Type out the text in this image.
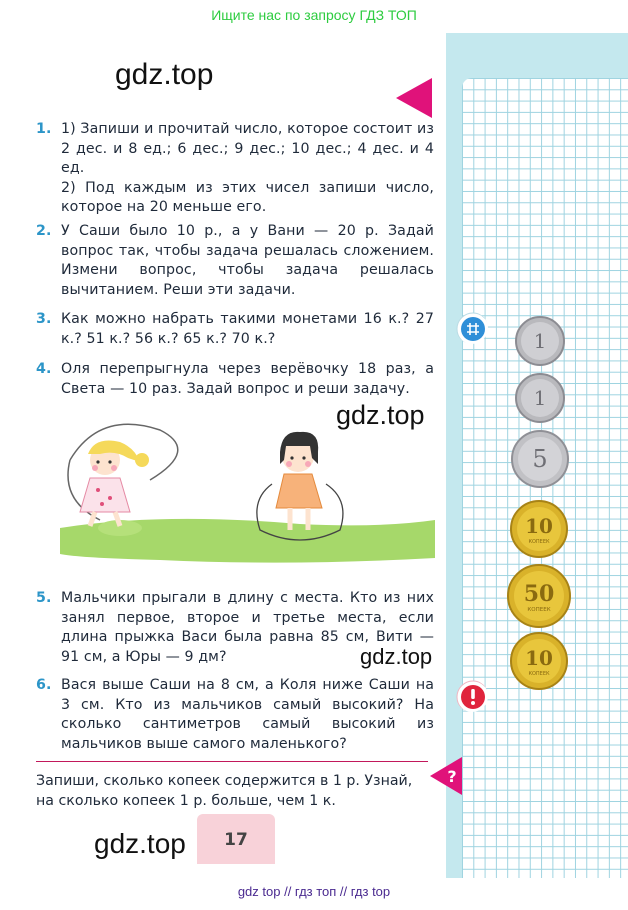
Ищите нас по запросу ГДЗ ТОП
gdz.top
1. 1) Запиши и прочитай число, которое состоит из 2 дес. и 8 ед.; 6 дес.; 9 дес.; 10 дес.; 4 дес. и 4 ед.
2) Под каждым из этих чисел запиши число, которое на 20 меньше его.
2. У Саши было 10 р., а у Вани — 20 р. Задай вопрос так, чтобы задача решалась сложением. Измени вопрос, чтобы задача решалась вычитанием. Реши эти задачи.
3. Как можно набрать такими монетами 16 к.? 27 к.? 51 к.? 56 к.? 65 к.? 70 к.?
4. Оля перепрыгнула через верёвочку 18 раз, а Света — 10 раз. Задай вопрос и реши задачу.
gdz.top
5. Мальчики прыгали в длину с места. Кто из них занял первое, второе и третье места, если длина прыжка Васи была равна 85 см, Вити — 91 см, а Юры — 9 дм?	gdz.top
6. Вася выше Саши на 8 см, а Коля ниже Саши на 3 см. Кто из мальчиков самый высокий? На сколько сантиметров самый высокий из мальчиков выше самого маленького?
Запиши, сколько копеек содержится в 1 р. Узнай, на сколько копеек 1 р. больше, чем 1 к.
?
1
1
5
10
КОПЕЕК
50
КОПЕЕК
10
КОПЕЕК
17
gdz.top
gdz top // гдз топ // гдз top
